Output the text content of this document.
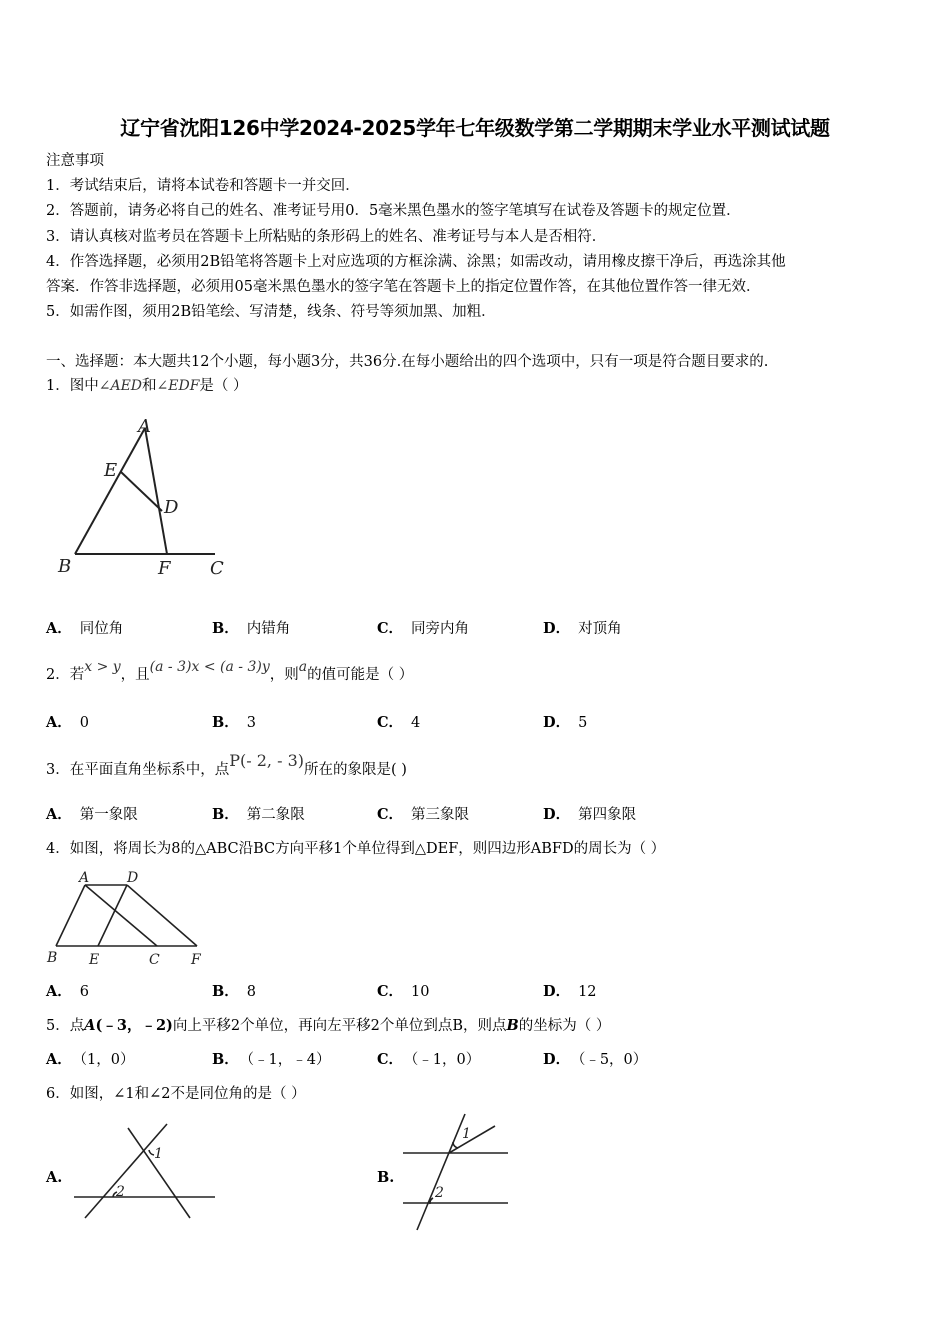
辽宁省沈阳126中学2024-2025学年七年级数学第二学期期末学业水平测试试题
注意事项
1．考试结束后，请将本试卷和答题卡一并交回．
2．答题前，请务必将自己的姓名、准考证号用0．5毫米黑色墨水的签字笔填写在试卷及答题卡的规定位置．
3．请认真核对监考员在答题卡上所粘贴的条形码上的姓名、准考证号与本人是否相符．
4．作答选择题，必须用2B铅笔将答题卡上对应选项的方框涂满、涂黑；如需改动，请用橡皮擦干净后，再选涂其他
答案．作答非选择题，必须用05毫米黑色墨水的签字笔在答题卡上的指定位置作答，在其他位置作答一律无效．
5．如需作图，须用2B铅笔绘、写清楚，线条、符号等须加黑、加粗．
一、选择题：本大题共12个小题，每小题3分，共36分.在每小题给出的四个选项中，只有一项是符合题目要求的.
1．图中∠AED和∠EDF是（ ）
A
E
D
B	F C
A． 同位角	B． 内错角	C． 同旁内角	D． 对顶角
2．若x > y，且(a - 3)x < (a - 3)y，则a的值可能是（ ）
A． 0	B． 3	C． 4	D． 5
3．在平面直角坐标系中，点P(- 2, - 3)所在的象限是( )
A． 第一象限	B． 第二象限	C． 第三象限	D． 第四象限
4．如图，将周长为8的△ABC沿BC方向平移1个单位得到△DEF，则四边形ABFD的周长为（ ）
A	D
B E	C F
A． 6	B． 8	C． 10	D． 12
5．点A(﹣3，﹣2)向上平移2个单位，再向左平移2个单位到点B，则点B的坐标为（ ）
A． （1，0）	B． （﹣1，﹣4）	C． （﹣1，0）	D． （﹣5，0）
6．如图，∠1和∠2不是同位角的是（ ）
A.
1
2
B.
1
2
